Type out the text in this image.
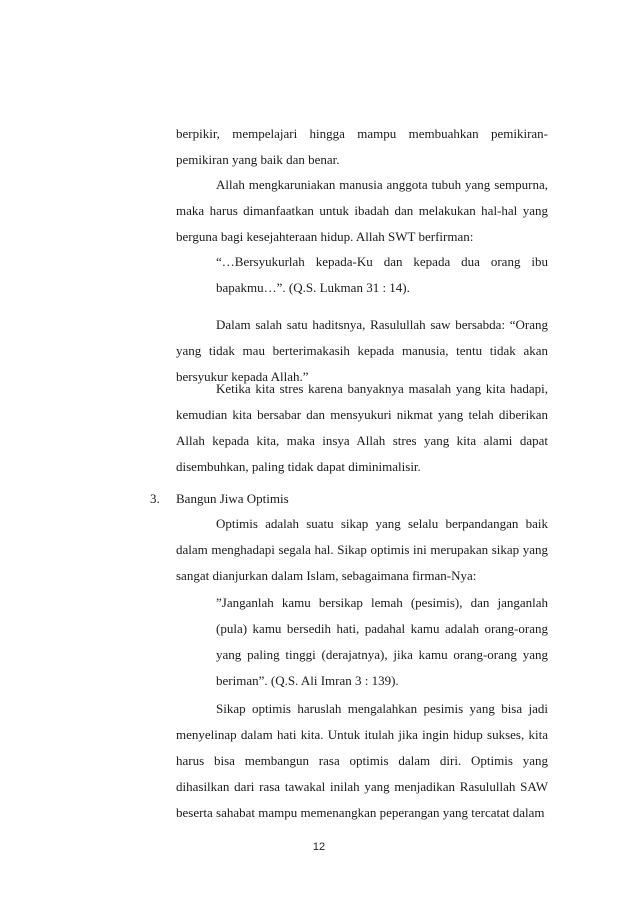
berpikir, mempelajari hingga mampu membuahkan pemikiran-pemikiran yang baik dan benar.

Allah mengkaruniakan manusia anggota tubuh yang sempurna, maka harus dimanfaatkan untuk ibadah dan melakukan hal-hal yang berguna bagi kesejahteraan hidup. Allah SWT berfirman:

“…Bersyukurlah kepada-Ku dan kepada dua orang ibu bapakmu…”. (Q.S. Lukman 31 : 14).

Dalam salah satu haditsnya, Rasulullah saw bersabda: “Orang yang tidak mau berterimakasih kepada manusia, tentu tidak akan bersyukur kepada Allah.”

Ketika kita stres karena banyaknya masalah yang kita hadapi, kemudian kita bersabar dan mensyukuri nikmat yang telah diberikan Allah kepada kita, maka insya Allah stres yang kita alami dapat disembuhkan, paling tidak dapat diminimalisir.

3. Bangun Jiwa Optimis

Optimis adalah suatu sikap yang selalu berpandangan baik dalam menghadapi segala hal. Sikap optimis ini merupakan sikap yang sangat dianjurkan dalam Islam, sebagaimana firman-Nya:

”Janganlah kamu bersikap lemah (pesimis), dan janganlah (pula) kamu bersedih hati, padahal kamu adalah orang-orang yang paling tinggi (derajatnya), jika kamu orang-orang yang beriman”. (Q.S. Ali Imran 3 : 139).

Sikap optimis haruslah mengalahkan pesimis yang bisa jadi menyelinap dalam hati kita. Untuk itulah jika ingin hidup sukses, kita harus bisa membangun rasa optimis dalam diri. Optimis yang dihasilkan dari rasa tawakal inilah yang menjadikan Rasulullah SAW beserta sahabat mampu memenangkan peperangan yang tercatat dalam

12
